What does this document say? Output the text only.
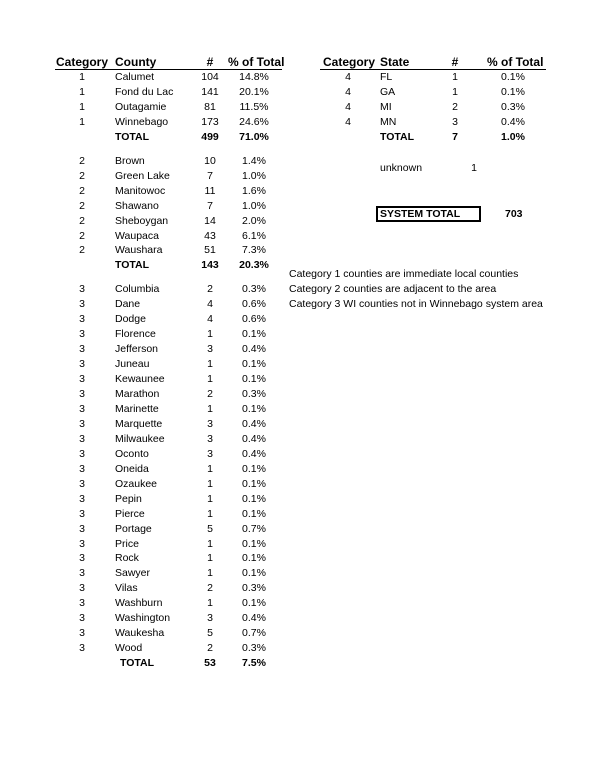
Category County	#	% of Total
1	Calumet	104	14.8%
1	Fond du Lac	141	20.1%
1	Outagamie	81	11.5%
1	Winnebago	173	24.6%
TOTAL	499	71.0%
2	Brown	10	1.4%
2	Green Lake	7	1.0%
2	Manitowoc	11	1.6%
2	Shawano	7	1.0%
2	Sheboygan	14	2.0%
2	Waupaca	43	6.1%
2	Waushara	51	7.3%
TOTAL	143	20.3%
3	Columbia	2	0.3%
3	Dane	4	0.6%
3	Dodge	4	0.6%
3	Florence	1	0.1%
3	Jefferson	3	0.4%
3	Juneau	1	0.1%
3	Kewaunee	1	0.1%
3	Marathon	2	0.3%
3	Marinette	1	0.1%
3	Marquette	3	0.4%
3	Milwaukee	3	0.4%
3	Oconto	3	0.4%
3	Oneida	1	0.1%
3	Ozaukee	1	0.1%
3	Pepin	1	0.1%
3	Pierce	1	0.1%
3	Portage	5	0.7%
3	Price	1	0.1%
3	Rock	1	0.1%
3	Sawyer	1	0.1%
3	Vilas	2	0.3%
3	Washburn	1	0.1%
3	Washington	3	0.4%
3	Waukesha	5	0.7%
3	Wood	2	0.3%
TOTAL	53	7.5%
Category State	#	% of Total
4	FL	1	0.1%
4	GA	1	0.1%
4	MI	2	0.3%
4	MN	3	0.4%
TOTAL	7	1.0%
unknown	1
SYSTEM TOTAL	703
Category 1 counties are immediate local counties
Category 2 counties are adjacent to the area
Category 3 WI counties not in Winnebago system area
